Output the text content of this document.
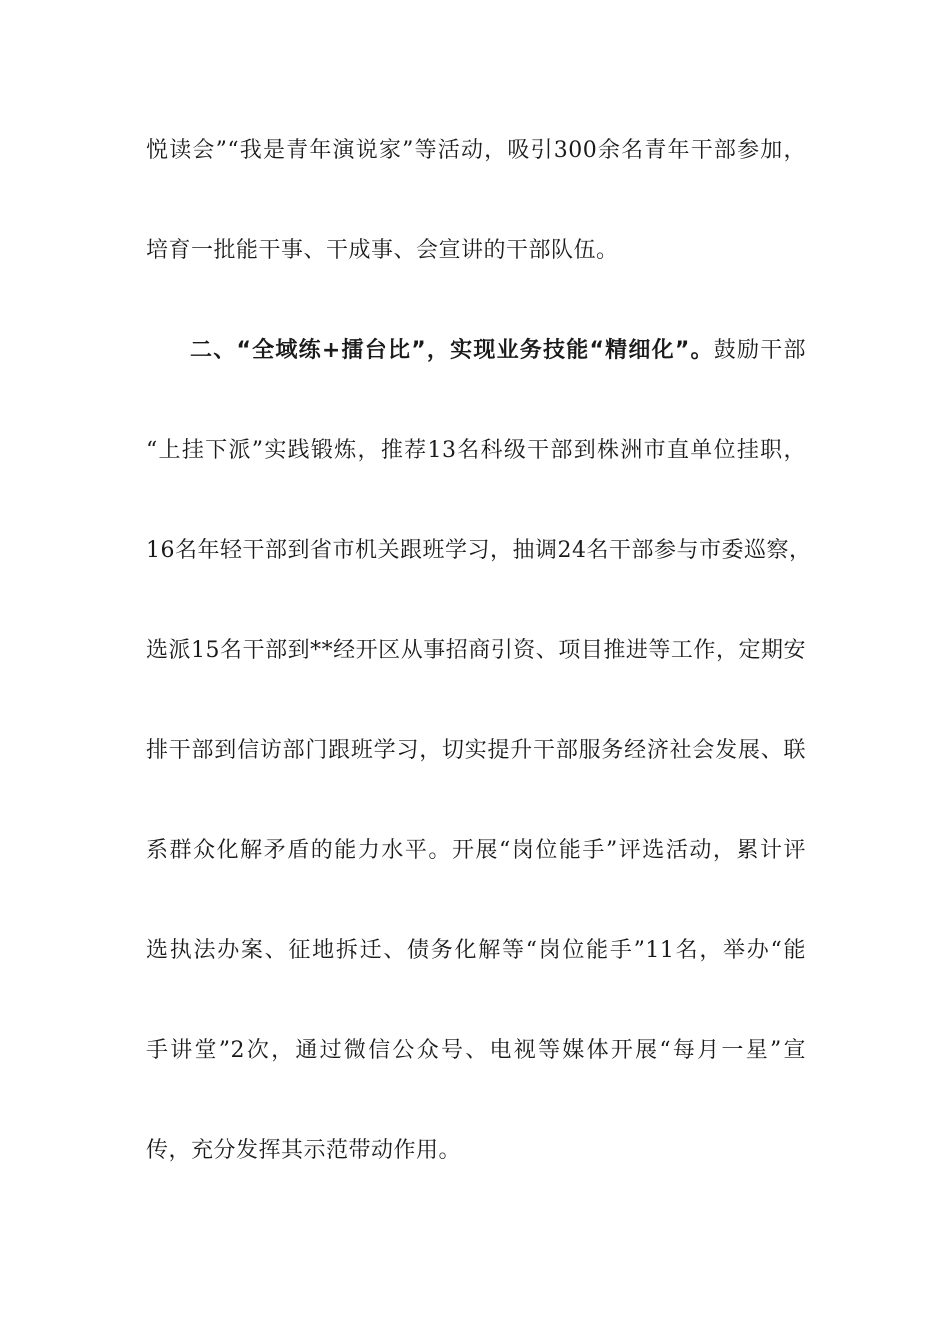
悦读会”“我是青年演说家”等活动，吸引300余名青年干部参加，
培育一批能干事、干成事、会宣讲的干部队伍。
二、“全域练+擂台比”，实现业务技能“精细化”。鼓励干部
“上挂下派”实践锻炼，推荐13名科级干部到株洲市直单位挂职，
16名年轻干部到省市机关跟班学习，抽调24名干部参与市委巡察，
选派15名干部到**经开区从事招商引资、项目推进等工作，定期安
排干部到信访部门跟班学习，切实提升干部服务经济社会发展、联
系群众化解矛盾的能力水平。开展“岗位能手”评选活动，累计评
选执法办案、征地拆迁、债务化解等“岗位能手”11名，举办“能
手讲堂”2次，通过微信公众号、电视等媒体开展“每月一星”宣
传，充分发挥其示范带动作用。
